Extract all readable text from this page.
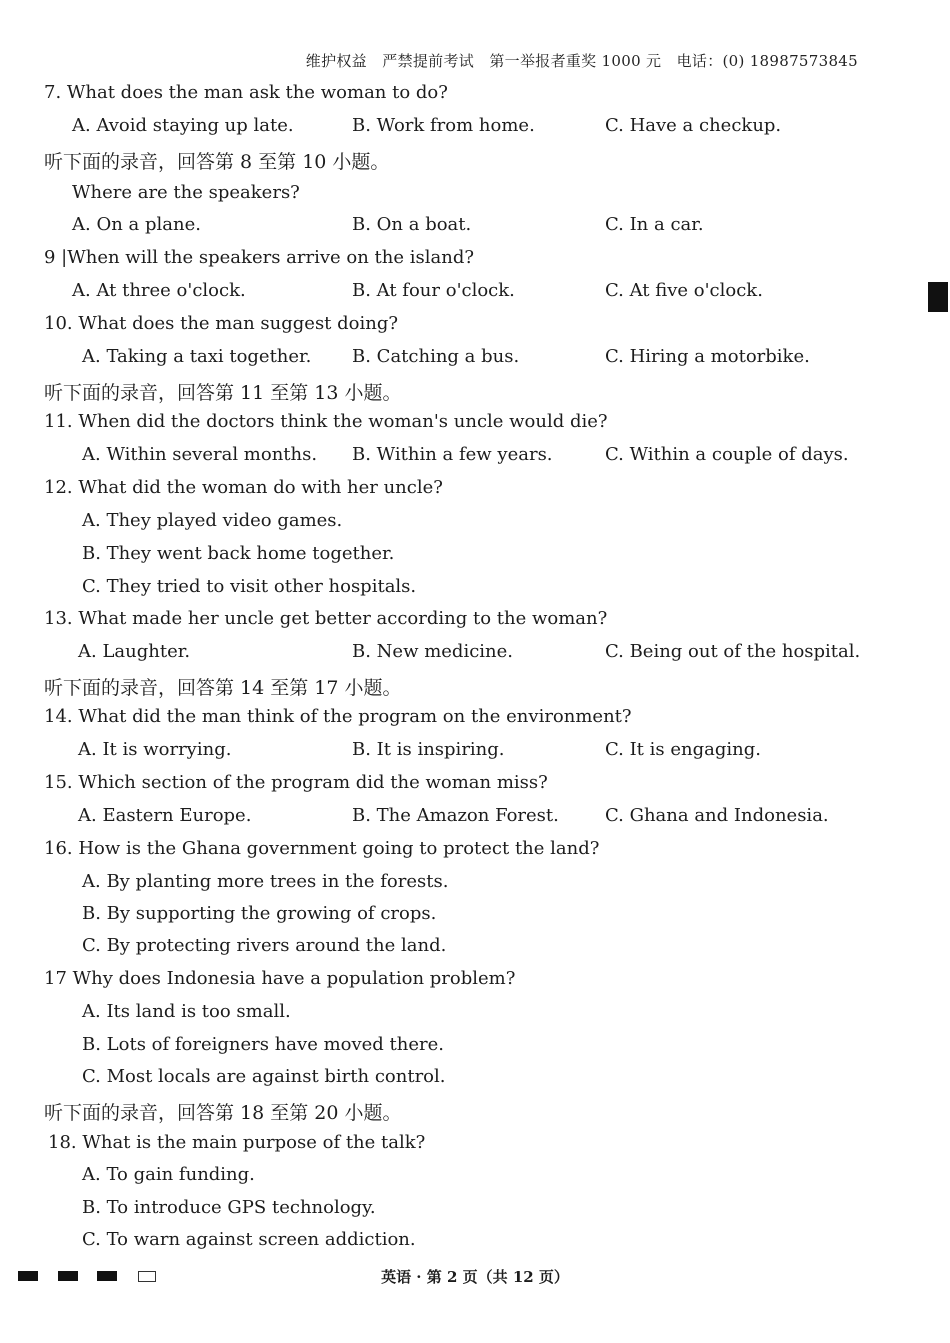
维护权益　严禁提前考试　第一举报者重奖 1000 元　电话：(0) 18987573845
7. What does the man ask the woman to do?
A. Avoid staying up late.	B. Work from home.	C. Have a checkup.
听下面的录音，回答第 8 至第 10 小题。
Where are the speakers?
A. On a plane.	B. On a boat.	C. In a car.
9 |When will the speakers arrive on the island?
A. At three o'clock.	B. At four o'clock.	C. At five o'clock.
10. What does the man suggest doing?
A. Taking a taxi together. B. Catching a bus.	C. Hiring a motorbike.
听下面的录音，回答第 11 至第 13 小题。
11. When did the doctors think the woman's uncle would die?
A. Within several months. B. Within a few years.	C. Within a couple of days.
12. What did the woman do with her uncle?
A. They played video games.
B. They went back home together.
C. They tried to visit other hospitals.
13. What made her uncle get better according to the woman?
A. Laughter.	B. New medicine.	C. Being out of the hospital.
听下面的录音，回答第 14 至第 17 小题。
14. What did the man think of the program on the environment?
A. It is worrying.	B. It is inspiring.	C. It is engaging.
15. Which section of the program did the woman miss?
A. Eastern Europe.	B. The Amazon Forest.	C. Ghana and Indonesia.
16. How is the Ghana government going to protect the land?
A. By planting more trees in the forests.
B. By supporting the growing of crops.
C. By protecting rivers around the land.
17 Why does Indonesia have a population problem?
A. Its land is too small.
B. Lots of foreigners have moved there.
C. Most locals are against birth control.
听下面的录音，回答第 18 至第 20 小题。
18. What is the main purpose of the talk?
A. To gain funding.
B. To introduce GPS technology.
C. To warn against screen addiction.
英语 · 第 2 页（共 12 页）
